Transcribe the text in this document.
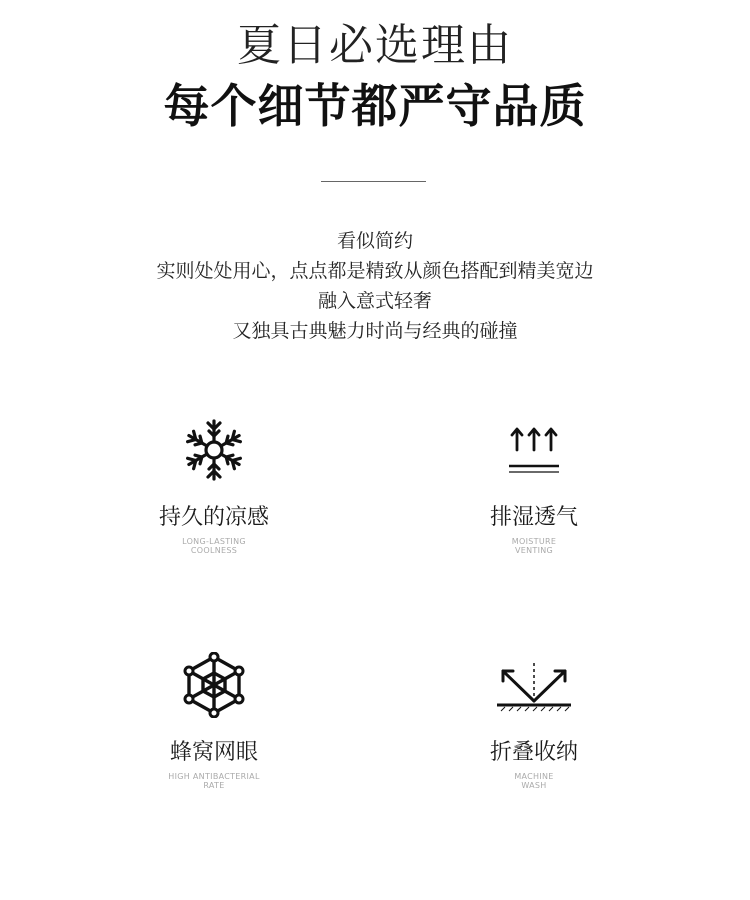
夏日必选理由
每个细节都严守品质
看似简约
实则处处用心，点点都是精致从颜色搭配到精美宽边
融入意式轻奢
又独具古典魅力时尚与经典的碰撞
持久的凉感
LONG-LASTING
COOLNESS
排湿透气
MOISTURE
VENTING
蜂窝网眼
HIGH ANTIBACTERIAL
RATE
折叠收纳
MACHINE
WASH
